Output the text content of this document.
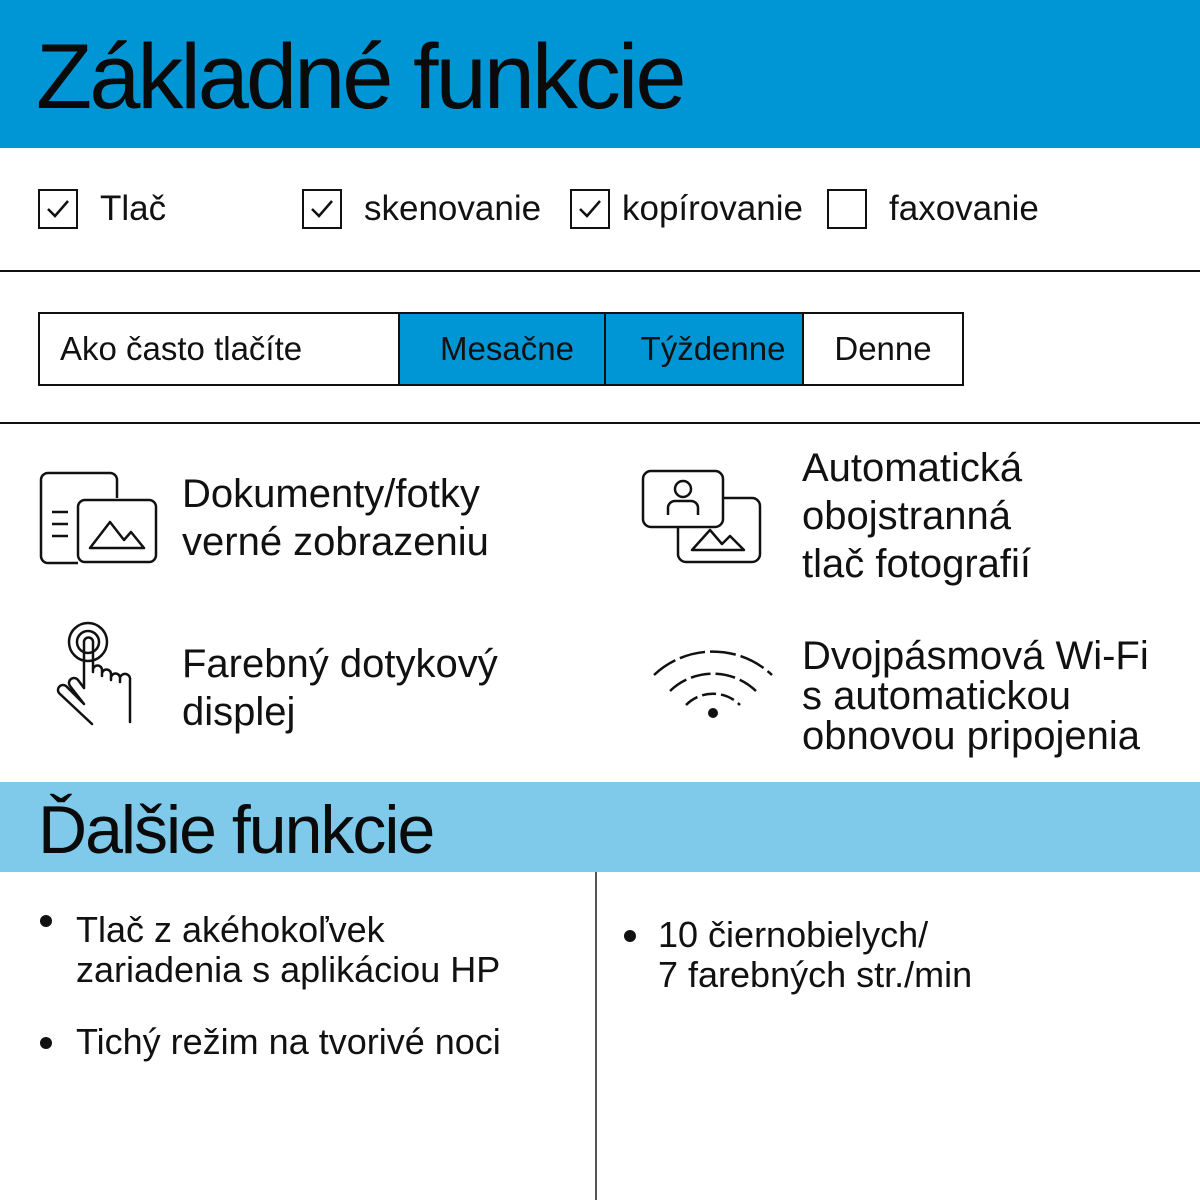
Základné funkcie
Tlač	skenovanie kopírovanie faxovanie
Ako často tlačíte	Mesačne	Týždenne	Denne
Dokumenty/fotky
verné zobrazeniu
Automatická
obojstranná
tlač fotografií
Farebný dotykový
displej
Dvojpásmová Wi-Fi
s automatickou
obnovou pripojenia
Ďalšie funkcie
Tlač z akéhokoľvek
zariadenia s aplikáciou HP
Tichý režim na tvorivé noci
10 čiernobielych/
7 farebných str./min
